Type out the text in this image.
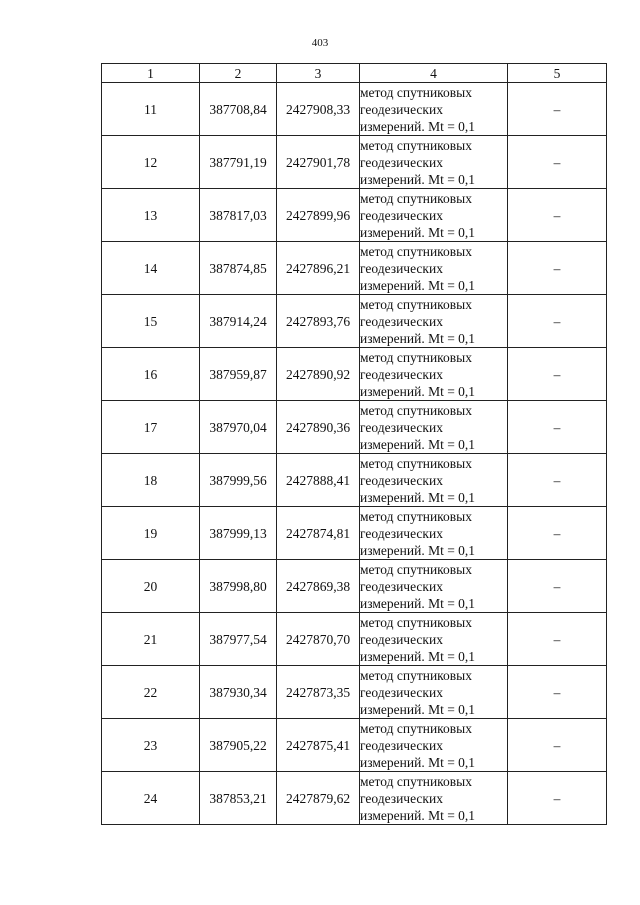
403
1	2	3	4	5
11	387708,84	2427908,33	метод спутниковых
геодезических
измерений. Mt = 0,1	–
12	387791,19	2427901,78	метод спутниковых
геодезических
измерений. Mt = 0,1	–
13	387817,03	2427899,96	метод спутниковых
геодезических
измерений. Mt = 0,1	–
14	387874,85	2427896,21	метод спутниковых
геодезических
измерений. Mt = 0,1	–
15	387914,24	2427893,76	метод спутниковых
геодезических
измерений. Mt = 0,1	–
16	387959,87	2427890,92	метод спутниковых
геодезических
измерений. Mt = 0,1	–
17	387970,04	2427890,36	метод спутниковых
геодезических
измерений. Mt = 0,1	–
18	387999,56	2427888,41	метод спутниковых
геодезических
измерений. Mt = 0,1	–
19	387999,13	2427874,81	метод спутниковых
геодезических
измерений. Mt = 0,1	–
20	387998,80	2427869,38	метод спутниковых
геодезических
измерений. Mt = 0,1	–
21	387977,54	2427870,70	метод спутниковых
геодезических
измерений. Mt = 0,1	–
22	387930,34	2427873,35	метод спутниковых
геодезических
измерений. Mt = 0,1	–
23	387905,22	2427875,41	метод спутниковых
геодезических
измерений. Mt = 0,1	–
24	387853,21	2427879,62	метод спутниковых
геодезических
измерений. Mt = 0,1	–
